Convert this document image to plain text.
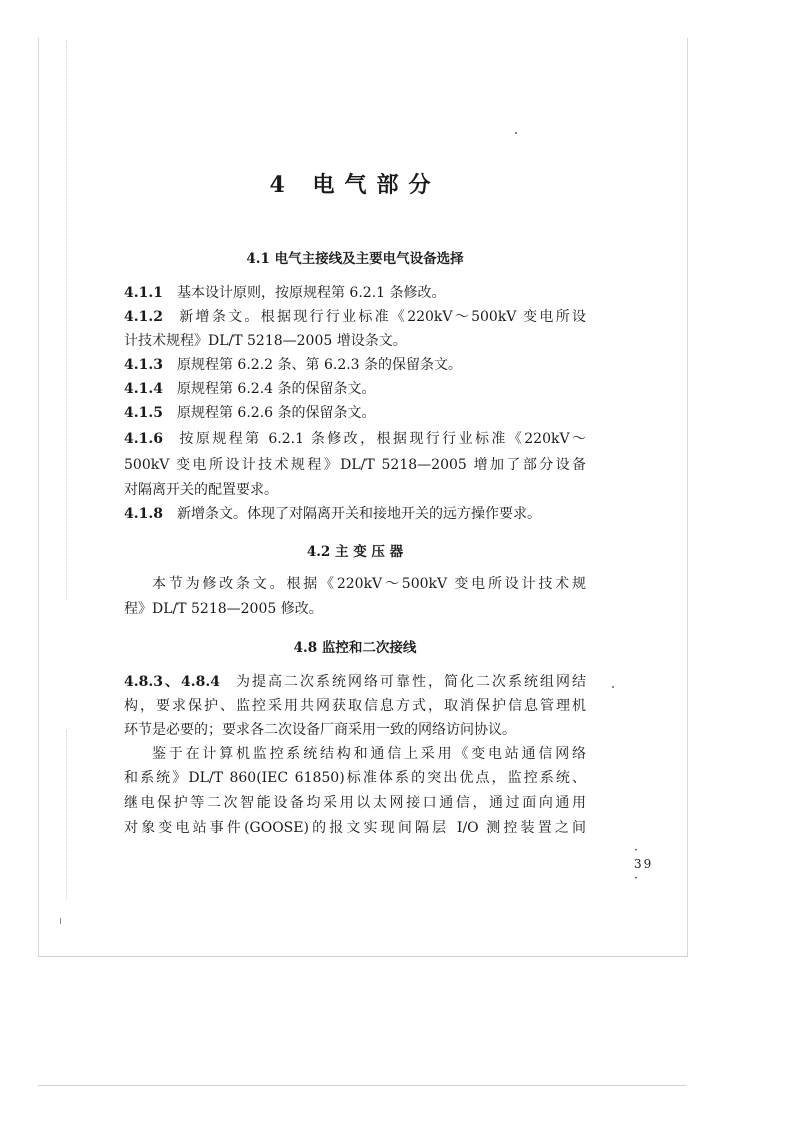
4 电气部分
4.1 电气主接线及主要电气设备选择
4.1.1 基本设计原则，按原规程第 6.2.1 条修改。
4.1.2 新增条文。根据现行行业标准《220kV～500kV 变电所设
计技术规程》DL/T 5218—2005 增设条文。
4.1.3 原规程第 6.2.2 条、第 6.2.3 条的保留条文。
4.1.4 原规程第 6.2.4 条的保留条文。
4.1.5 原规程第 6.2.6 条的保留条文。
4.1.6 按原规程第 6.2.1 条修改，根据现行行业标准《220kV～
500kV 变电所设计技术规程》DL/T 5218—2005 增加了部分设备
对隔离开关的配置要求。
4.1.8 新增条文。体现了对隔离开关和接地开关的远方操作要求。
4.2 主 变 压 器
本节为修改条文。根据《220kV～500kV 变电所设计技术规
程》DL/T 5218—2005 修改。
4.8 监控和二次接线
4.8.3、4.8.4 为提高二次系统网络可靠性，简化二次系统组网结
构，要求保护、监控采用共网获取信息方式，取消保护信息管理机
环节是必要的；要求各二次设备厂商采用一致的网络访问协议。
鉴于在计算机监控系统结构和通信上采用《变电站通信网络
和系统》DL/T 860(IEC 61850)标准体系的突出优点，监控系统、
继电保护等二次智能设备均采用以太网接口通信，通过面向通用
对象变电站事件(GOOSE)的报文实现间隔层 I/O 测控装置之间
· 39 ·
